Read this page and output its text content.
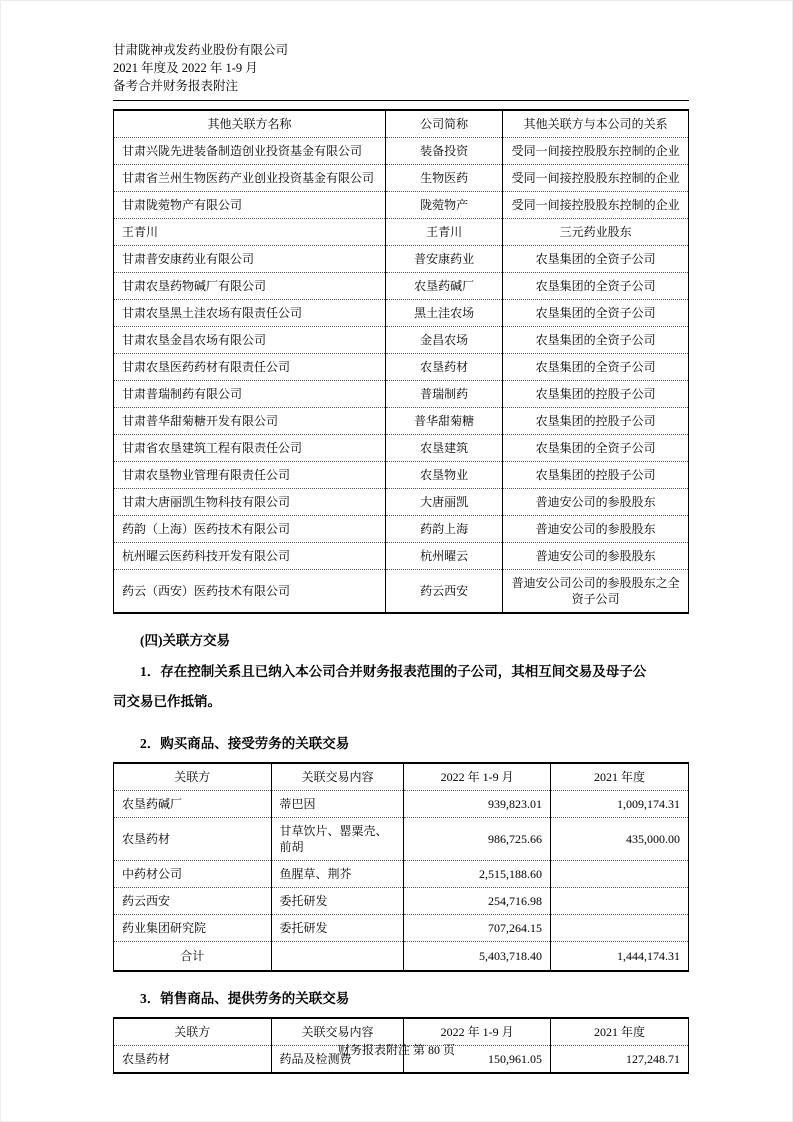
甘肃陇神戎发药业股份有限公司
2021 年度及 2022 年 1-9 月
备考合并财务报表附注
其他关联方名称	公司简称	其他关联方与本公司的关系
甘肃兴陇先进装备制造创业投资基金有限公司	装备投资	受同一间接控股股东控制的企业
甘肃省兰州生物医药产业创业投资基金有限公司	生物医药	受同一间接控股股东控制的企业
甘肃陇菀物产有限公司	陇菀物产	受同一间接控股股东控制的企业
王青川	王青川	三元药业股东
甘肃普安康药业有限公司	普安康药业	农垦集团的全资子公司
甘肃农垦药物碱厂有限公司	农垦药碱厂	农垦集团的全资子公司
甘肃农垦黑土洼农场有限责任公司	黑土洼农场	农垦集团的全资子公司
甘肃农垦金昌农场有限公司	金昌农场	农垦集团的全资子公司
甘肃农垦医药药材有限责任公司	农垦药材	农垦集团的全资子公司
甘肃普瑞制药有限公司	普瑞制药	农垦集团的控股子公司
甘肃普华甜菊糖开发有限公司	普华甜菊糖	农垦集团的控股子公司
甘肃省农垦建筑工程有限责任公司	农垦建筑	农垦集团的全资子公司
甘肃农垦物业管理有限责任公司	农垦物业	农垦集团的控股子公司
甘肃大唐丽凯生物科技有限公司	大唐丽凯	普迪安公司的参股股东
药韵（上海）医药技术有限公司	药韵上海	普迪安公司的参股股东
杭州曜云医药科技开发有限公司	杭州曜云	普迪安公司的参股股东
药云（西安）医药技术有限公司	药云西安	普迪安公司公司的参股股东之全资子公司
(四)关联方交易
1．存在控制关系且已纳入本公司合并财务报表范围的子公司，其相互间交易及母子公
司交易已作抵销。
2．购买商品、接受劳务的关联交易
关联方	关联交易内容	2022 年 1-9 月	2021 年度
农垦药碱厂	蒂巴因	939,823.01	1,009,174.31
农垦药材	甘草饮片、罂粟壳、前胡	986,725.66	435,000.00
中药材公司	鱼腥草、荆芥	2,515,188.60	
药云西安	委托研发	254,716.98	
药业集团研究院	委托研发	707,264.15	
合计		5,403,718.40	1,444,174.31
3．销售商品、提供劳务的关联交易
关联方	关联交易内容	2022 年 1-9 月	2021 年度
农垦药材	药品及检测费	150,961.05	127,248.71
财务报表附注 第 80 页
